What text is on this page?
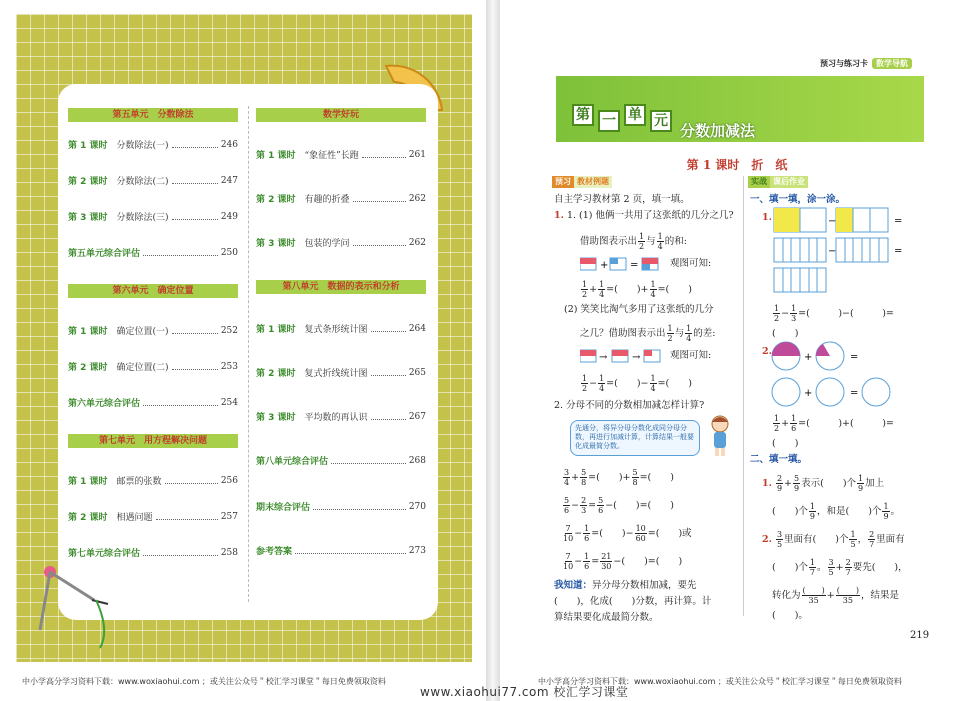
第五单元　分数除法
第 1 课时 分数除法(一)	246
第 2 课时 分数除法(二)	247
第 3 课时 分数除法(三)	249
第五单元综合评估	250
第六单元　确定位置
第 1 课时 确定位置(一)	252
第 2 课时 确定位置(二)	253
第六单元综合评估	254
第七单元　用方程解决问题
第 1 课时 邮票的张数	256
第 2 课时 相遇问题	257
第七单元综合评估	258
数学好玩
第 1 课时 “象征性”长跑	261
第 2 课时 有趣的折叠	262
第 3 课时 包装的学问	262
第八单元　数据的表示和分析
第 1 课时 复式条形统计图	264
第 2 课时 复式折线统计图	265
第 3 课时 平均数的再认识	267
第八单元综合评估	268
期末综合评估	270
参考答案	273
中小学高分学习资料下载：www.woxiaohui.com ；或关注公众号＂校汇学习课堂＂每日免费领取资料
预习与练习卡	数学导航
第 一 单 元
分数加减法
第 1 课时　折　纸
预习 教材例题	实战 课后作业
自主学习教材第 2 页，填一填。
1. 1. (1) 他俩一共用了这张纸的几分之几?
借助图表示出 $\frac{1}{2}$ 与 $\frac{1}{4}$ 的和:
+ =	观图可知:
$\frac{1}{2} + \frac{1}{4}$ =(　　)+ $\frac{1}{4}$ =(　　)
(2) 笑笑比淘气多用了这张纸的几分
之几？借助图表示出 $\frac{1}{2}$ 与 $\frac{1}{4}$ 的差:
→ →	观图可知:
$\frac{1}{2} - \frac{1}{4}$ =(　　)− $\frac{1}{4}$ =(　　)
2. 分母不同的分数相加减怎样计算?
先通分，将异分母分数化成同分母分数，再进行加减计算，计算结果一般要化成最简分数。
$\frac{3}{4} + \frac{5}{8}$ =(　　)+ $\frac{5}{8}$ =(　　)
$\frac{5}{6} - \frac{2}{3} = \frac{5}{6}$ −(　　)=(　　)
$\frac{7}{10} - \frac{1}{6}$ =(　　)− $\frac{10}{60}$ =(　　)或
$\frac{7}{10} - \frac{1}{6} = \frac{21}{30}$ −(　　)=(　　)
我知道：异分母分数相加减，要先
(　　)，化成(　　)分数，再计算。计
算结果要化成最简分数。
一、填一填，涂一涂。
1.	−	=
−	=
$\frac{1}{2} - \frac{1}{3}$ =(　　　)−(　　　)=
(　　)
2.
+	=
+	=
$\frac{1}{2} + \frac{1}{6}$ =(　　　)+(　　　)=
(　　)
二、填一填。
1. $\frac{2}{9} + \frac{5}{9}$ 表示(　　)个 $\frac{1}{9}$ 加上
(　　)个 $\frac{1}{9}$ ，和是(　　)个 $\frac{1}{9}$ 。
2. $\frac{3}{5}$ 里面有(　　)个 $\frac{1}{5}$ ， $\frac{2}{7}$ 里面有
(　　)个 $\frac{1}{7}$ 。 $\frac{3}{5} + \frac{2}{7}$ 要先(　　)，
转化为 (　　)
35 + (　　)
35 ，结果是
(　　)。
219
中小学高分学习资料下载：www.woxiaohui.com ；或关注公众号＂校汇学习课堂＂每日免费领取资料
www.xiaohui77.com 校汇学习课堂
